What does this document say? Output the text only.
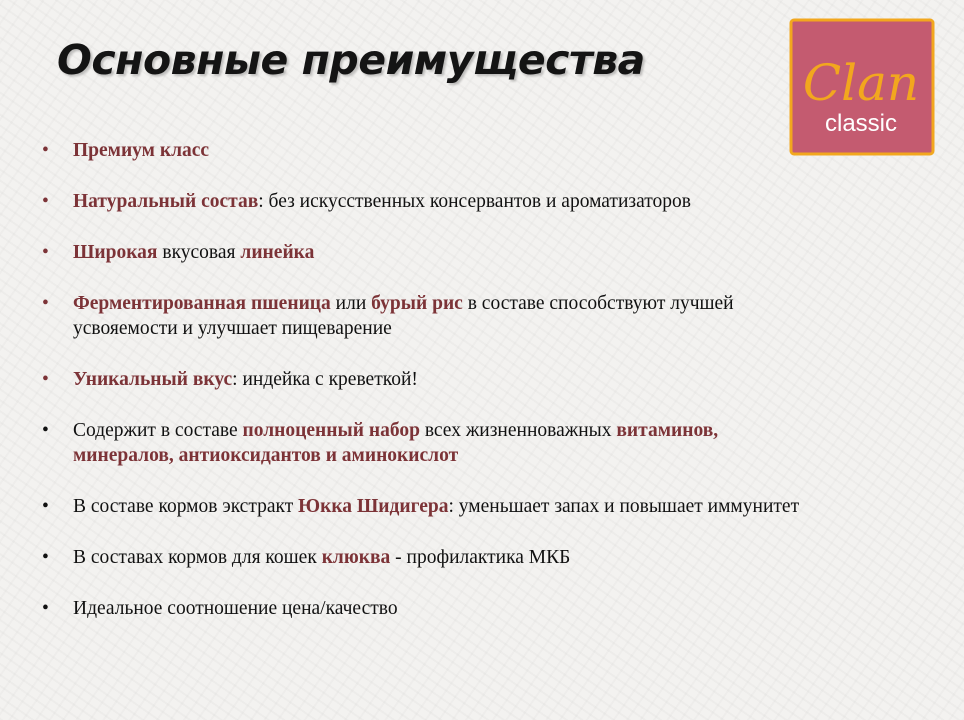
Основные преимущества	Clan
classic
•	Премиум класс
•	Натуральный состав: без искусственных консервантов и ароматизаторов
•	Широкая вкусовая линейка
•	Ферментированная пшеница или бурый рис в составе способствуют лучшей усвояемости и улучшает пищеварение
•	Уникальный вкус: индейка с креветкой!
•	Содержит в составе полноценный набор всех жизненноважных витаминов, минералов, антиоксидантов и аминокислот
•	В составе кормов экстракт Юкка Шидигера: уменьшает запах и повышает иммунитет
•	В составах кормов для кошек клюква - профилактика МКБ
•	Идеальное соотношение цена/качество
